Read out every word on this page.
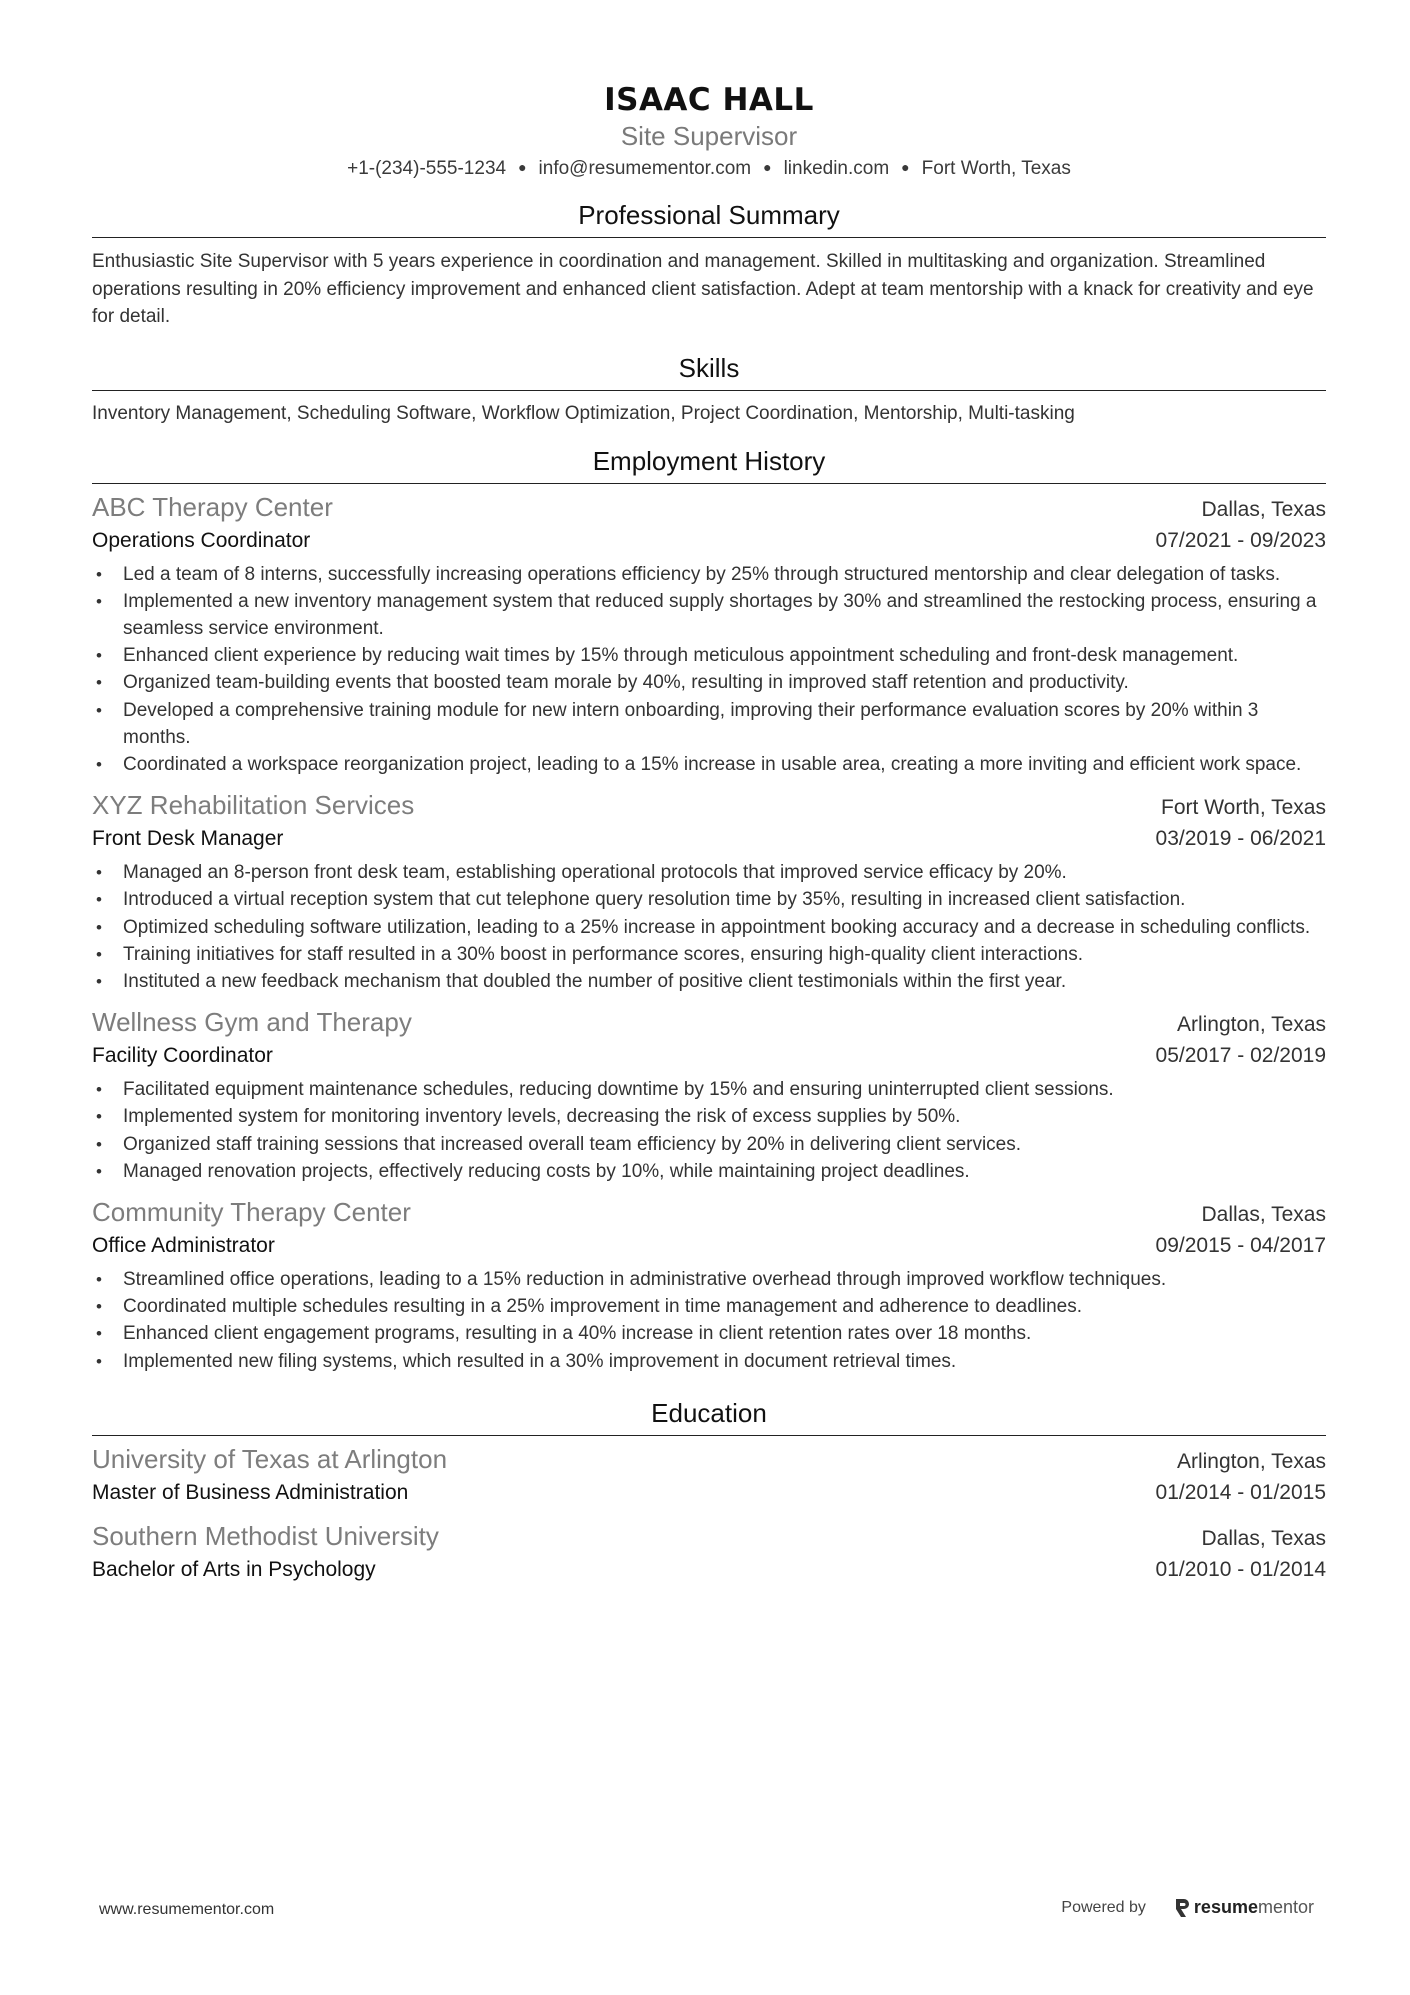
ISAAC HALL
Site Supervisor
+1-(234)-555-1234 ● info@resumementor.com ● linkedin.com ● Fort Worth, Texas
Professional Summary
Enthusiastic Site Supervisor with 5 years experience in coordination and management. Skilled in multitasking and organization. Streamlined operations resulting in 20% efficiency improvement and enhanced client satisfaction. Adept at team mentorship with a knack for creativity and eye for detail.
Skills
Inventory Management, Scheduling Software, Workflow Optimization, Project Coordination, Mentorship, Multi-tasking
Employment History
ABC Therapy Center	Dallas, Texas
Operations Coordinator	07/2021 - 09/2023
• Led a team of 8 interns, successfully increasing operations efficiency by 25% through structured mentorship and clear delegation of tasks.
• Implemented a new inventory management system that reduced supply shortages by 30% and streamlined the restocking process, ensuring a seamless service environment.
• Enhanced client experience by reducing wait times by 15% through meticulous appointment scheduling and front-desk management.
• Organized team-building events that boosted team morale by 40%, resulting in improved staff retention and productivity.
• Developed a comprehensive training module for new intern onboarding, improving their performance evaluation scores by 20% within 3 months.
• Coordinated a workspace reorganization project, leading to a 15% increase in usable area, creating a more inviting and efficient work space.
XYZ Rehabilitation Services	Fort Worth, Texas
Front Desk Manager	03/2019 - 06/2021
• Managed an 8-person front desk team, establishing operational protocols that improved service efficacy by 20%.
• Introduced a virtual reception system that cut telephone query resolution time by 35%, resulting in increased client satisfaction.
• Optimized scheduling software utilization, leading to a 25% increase in appointment booking accuracy and a decrease in scheduling conflicts.
• Training initiatives for staff resulted in a 30% boost in performance scores, ensuring high-quality client interactions.
• Instituted a new feedback mechanism that doubled the number of positive client testimonials within the first year.
Wellness Gym and Therapy	Arlington, Texas
Facility Coordinator	05/2017 - 02/2019
• Facilitated equipment maintenance schedules, reducing downtime by 15% and ensuring uninterrupted client sessions.
• Implemented system for monitoring inventory levels, decreasing the risk of excess supplies by 50%.
• Organized staff training sessions that increased overall team efficiency by 20% in delivering client services.
• Managed renovation projects, effectively reducing costs by 10%, while maintaining project deadlines.
Community Therapy Center	Dallas, Texas
Office Administrator	09/2015 - 04/2017
• Streamlined office operations, leading to a 15% reduction in administrative overhead through improved workflow techniques.
• Coordinated multiple schedules resulting in a 25% improvement in time management and adherence to deadlines.
• Enhanced client engagement programs, resulting in a 40% increase in client retention rates over 18 months.
• Implemented new filing systems, which resulted in a 30% improvement in document retrieval times.
Education
University of Texas at Arlington	Arlington, Texas
Master of Business Administration	01/2014 - 01/2015
Southern Methodist University	Dallas, Texas
Bachelor of Arts in Psychology	01/2010 - 01/2014
www.resumementor.com	Powered by	resume mentor
